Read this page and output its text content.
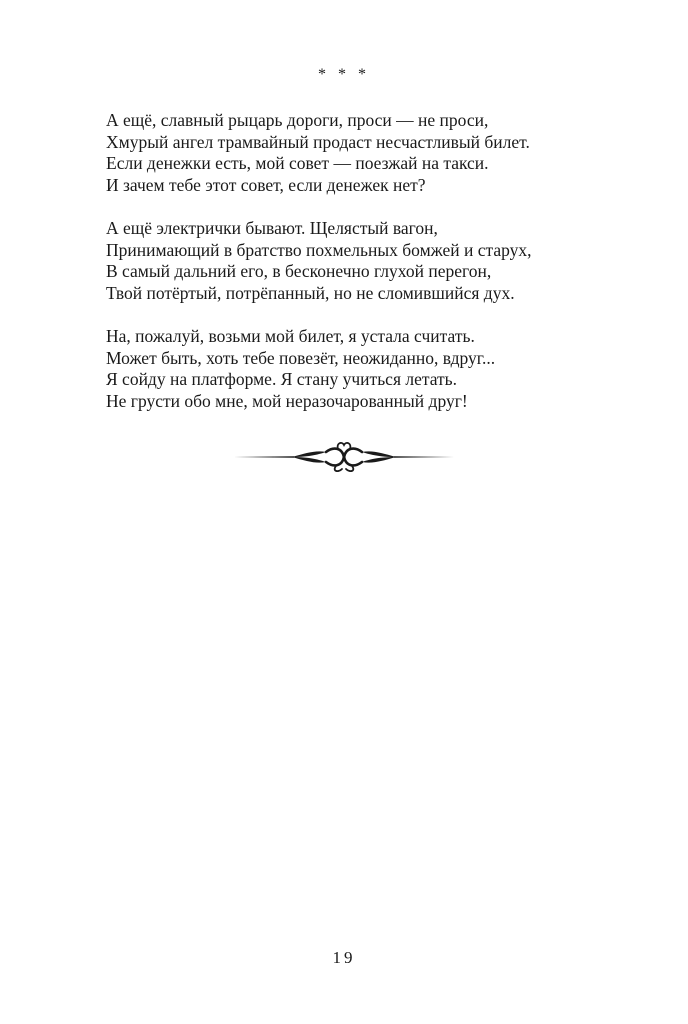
* * *
А ещё, славный рыцарь дороги, проси — не проси,
Хмурый ангел трамвайный продаст несчастливый билет.
Если денежки есть, мой совет — поезжай на такси.
И зачем тебе этот совет, если денежек нет?
А ещё электрички бывают. Щелястый вагон,
Принимающий в братство похмельных бомжей и старух,
В самый дальний его, в бесконечно глухой перегон,
Твой потёртый, потрёпанный, но не сломившийся дух.
На, пожалуй, возьми мой билет, я устала считать.
Может быть, хоть тебе повезёт, неожиданно, вдруг...
Я сойду на платформе. Я стану учиться летать.
Не грусти обо мне, мой неразочарованный друг!
19
